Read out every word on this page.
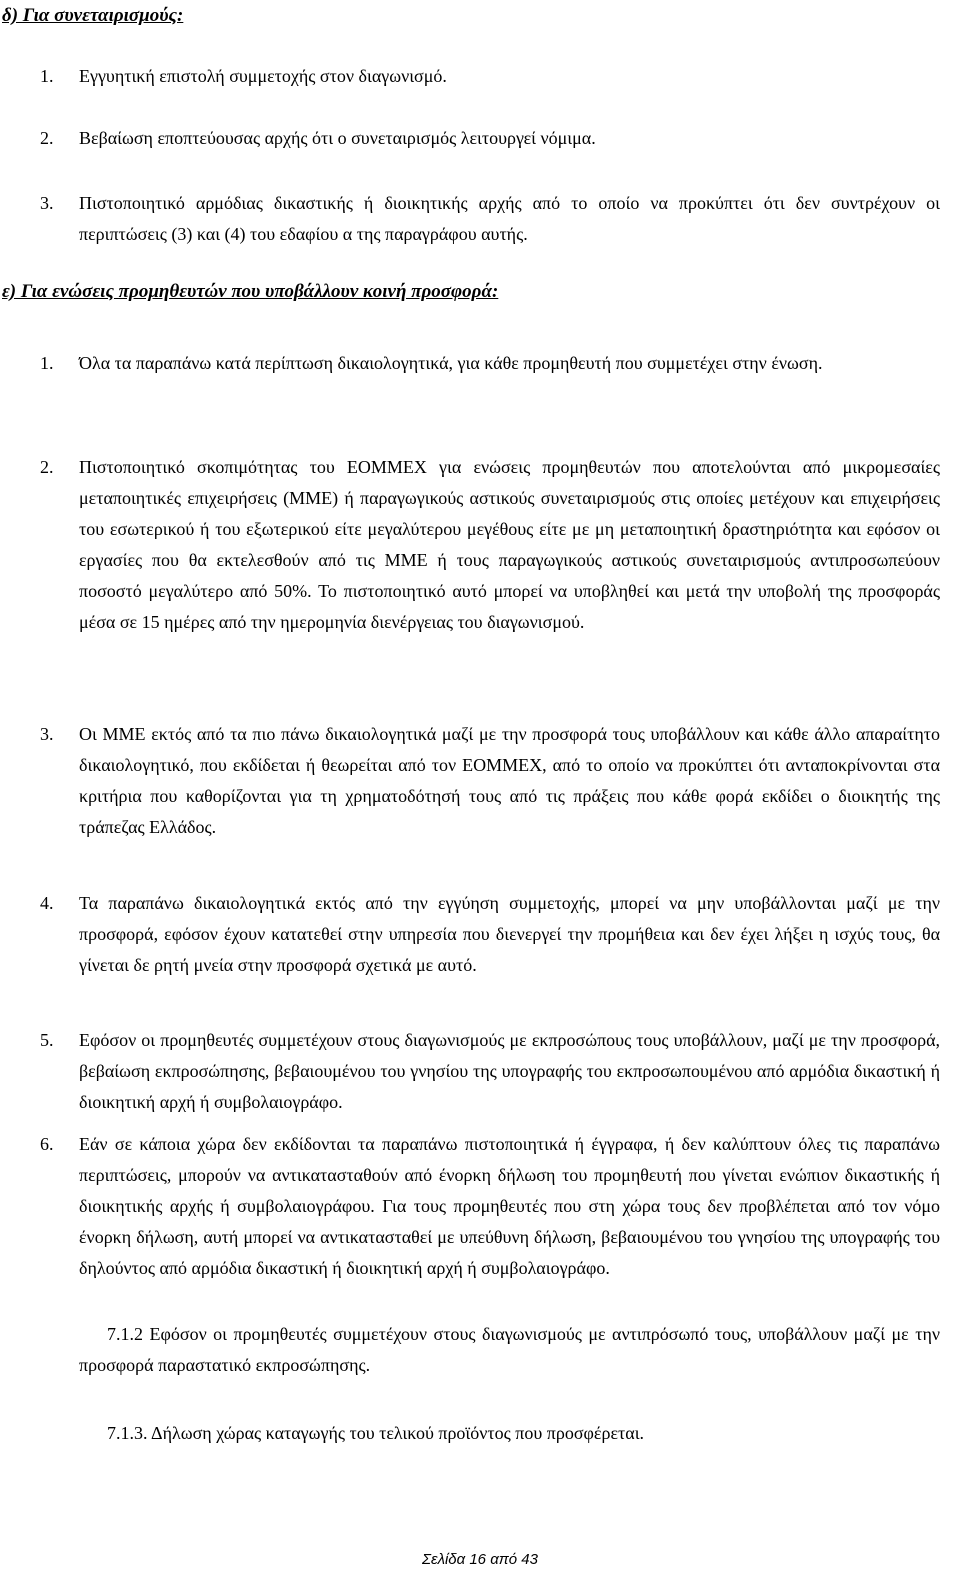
δ) Για συνεταιρισμούς:
1.	Εγγυητική επιστολή συμμετοχής στον διαγωνισμό.
2.	Βεβαίωση εποπτεύουσας αρχής ότι ο συνεταιρισμός λειτουργεί νόμιμα.
3.	Πιστοποιητικό αρμόδιας δικαστικής ή διοικητικής αρχής από το οποίο να προκύπτει ότι δεν συντρέχουν οι περιπτώσεις (3) και (4) του εδαφίου α της παραγράφου αυτής.
ε) Για ενώσεις προμηθευτών που υποβάλλουν κοινή προσφορά:
1.	Όλα τα παραπάνω κατά περίπτωση δικαιολογητικά, για κάθε προμηθευτή που συμμετέχει στην ένωση.
2.	Πιστοποιητικό σκοπιμότητας του ΕΟΜΜΕΧ για ενώσεις προμηθευτών που αποτελούνται από μικρομεσαίες μεταποιητικές επιχειρήσεις (ΜΜΕ) ή παραγωγικούς αστικούς συνεταιρισμούς στις οποίες μετέχουν και επιχειρήσεις του εσωτερικού ή του εξωτερικού είτε μεγαλύτερου μεγέθους είτε με μη μεταποιητική δραστηριότητα και εφόσον οι εργασίες που θα εκτελεσθούν από τις ΜΜΕ ή τους παραγωγικούς αστικούς συνεταιρισμούς αντιπροσωπεύουν ποσοστό μεγαλύτερο από 50%. Το πιστοποιητικό αυτό μπορεί να υποβληθεί και μετά την υποβολή της προσφοράς μέσα σε 15 ημέρες από την ημερομηνία διενέργειας του διαγωνισμού.
3.	Οι ΜΜΕ εκτός από τα πιο πάνω δικαιολογητικά μαζί με την προσφορά τους υποβάλλουν και κάθε άλλο απαραίτητο δικαιολογητικό, που εκδίδεται ή θεωρείται από τον ΕΟΜΜΕΧ, από το οποίο να προκύπτει ότι ανταποκρίνονται στα κριτήρια που καθορίζονται για τη χρηματοδότησή τους από τις πράξεις που κάθε φορά εκδίδει ο διοικητής της τράπεζας Ελλάδος.
4.	Τα παραπάνω δικαιολογητικά εκτός από την εγγύηση συμμετοχής, μπορεί να μην υποβάλλονται μαζί με την προσφορά, εφόσον έχουν κατατεθεί στην υπηρεσία που διενεργεί την προμήθεια και δεν έχει λήξει η ισχύς τους, θα γίνεται δε ρητή μνεία στην προσφορά σχετικά με αυτό.
5.	Εφόσον οι προμηθευτές συμμετέχουν στους διαγωνισμούς με εκπροσώπους τους υποβάλλουν, μαζί με την προσφορά, βεβαίωση εκπροσώπησης, βεβαιουμένου του γνησίου της υπογραφής του εκπροσωπουμένου από αρμόδια δικαστική ή διοικητική αρχή ή συμβολαιογράφο.
6.	Εάν σε κάποια χώρα δεν εκδίδονται τα παραπάνω πιστοποιητικά ή έγγραφα, ή δεν καλύπτουν όλες τις παραπάνω περιπτώσεις, μπορούν να αντικατασταθούν από ένορκη δήλωση του προμηθευτή που γίνεται ενώπιον δικαστικής ή διοικητικής αρχής ή συμβολαιογράφου. Για τους προμηθευτές που στη χώρα τους δεν προβλέπεται από τον νόμο ένορκη δήλωση, αυτή μπορεί να αντικατασταθεί με υπεύθυνη δήλωση, βεβαιουμένου του γνησίου της υπογραφής του δηλούντος από αρμόδια δικαστική ή διοικητική αρχή ή συμβολαιογράφο.
7.1.2 Εφόσον οι προμηθευτές συμμετέχουν στους διαγωνισμούς με αντιπρόσωπό τους, υποβάλλουν μαζί με την προσφορά παραστατικό εκπροσώπησης.
7.1.3. Δήλωση χώρας καταγωγής του τελικού προϊόντος που προσφέρεται.
Σελίδα 16 από 43
